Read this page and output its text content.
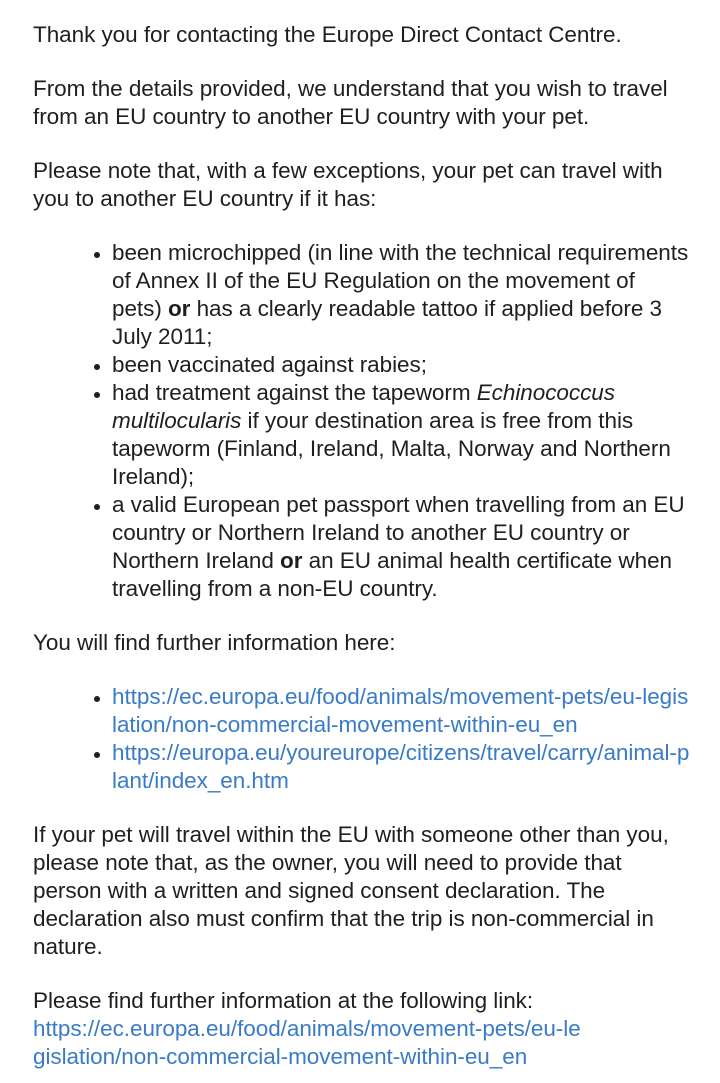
Thank you for contacting the Europe Direct Contact Centre.

From the details provided, we understand that you wish to travel from an EU country to another EU country with your pet.

Please note that, with a few exceptions, your pet can travel with you to another EU country if it has:

• been microchipped (in line with the technical requirements of Annex II of the EU Regulation on the movement of pets) or has a clearly readable tattoo if applied before 3 July 2011;
• been vaccinated against rabies;
• had treatment against the tapeworm Echinococcus multilocularis if your destination area is free from this tapeworm (Finland, Ireland, Malta, Norway and Northern Ireland);
• a valid European pet passport when travelling from an EU country or Northern Ireland to another EU country or Northern Ireland or an EU animal health certificate when travelling from a non-EU country.

You will find further information here:

• https://ec.europa.eu/food/animals/movement-pets/eu-legislation/non-commercial-movement-within-eu_en
• https://europa.eu/youreurope/citizens/travel/carry/animal-plant/index_en.htm

If your pet will travel within the EU with someone other than you, please note that, as the owner, you will need to provide that person with a written and signed consent declaration. The declaration also must confirm that the trip is non-commercial in nature.

Please find further information at the following link:
https://ec.europa.eu/food/animals/movement-pets/eu-legislation/non-commercial-movement-within-eu_en
